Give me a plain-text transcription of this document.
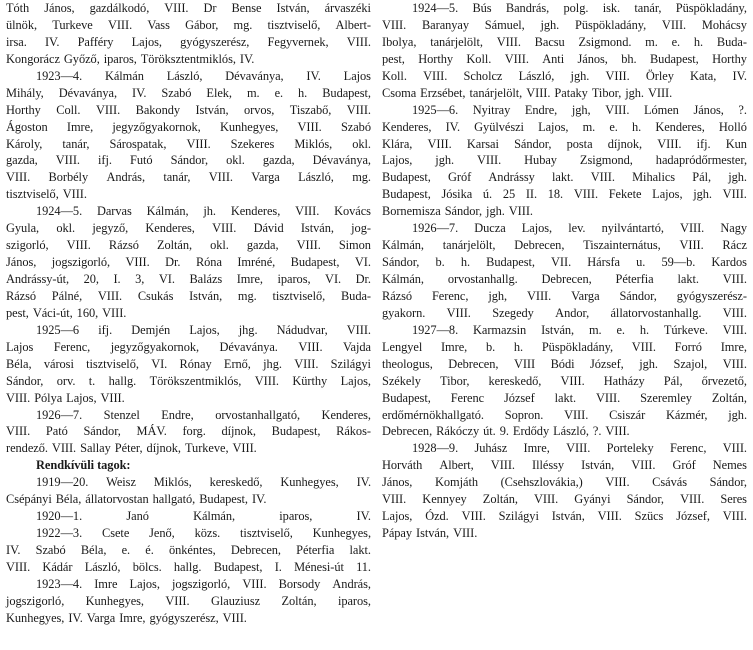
Tóth János, gazdálkodó, VIII. Dr Bense István, árvaszéki
ülnök, Turkeve VIII. Vass Gábor, mg. tisztviselő, Albert-
irsa. IV. Pafféry Lajos, gyógyszerész, Fegyvernek, VIII.
Kongorácz Győző, iparos, Töröksztentmiklós, IV.
1923—4. Kálmán László, Dévaványa, IV. Lajos
Mihály, Dévaványa, IV. Szabó Elek, m. e. h. Budapest,
Horthy Coll. VIII. Bakondy István, orvos, Tiszabő, VIII.
Ágoston Imre, jegyzőgyakornok, Kunhegyes, VIII. Szabó
Károly, tanár, Sárospatak, VIII. Szekeres Miklós, okl.
gazda, VIII. ifj. Futó Sándor, okl. gazda, Dévaványa,
VIII. Borbély András, tanár, VIII. Varga László, mg.
tisztviselő, VIII.
1924—5. Darvas Kálmán, jh. Kenderes, VIII. Kovács
Gyula, okl. jegyző, Kenderes, VIII. Dávid István, jog-
szigorló, VIII. Rázsó Zoltán, okl. gazda, VIII. Simon
János, jogszigorló, VIII. Dr. Róna Imréné, Budapest, VI.
Andrássy-út, 20, I. 3, VI. Balázs Imre, iparos, VI. Dr.
Rázsó Pálné, VIII. Csukás István, mg. tisztviselő, Buda-
pest, Váci-út, 160, VIII.
1925—6 ifj. Demjén Lajos, jhg. Nádudvar, VIII.
Lajos Ferenc, jegyzőgyakornok, Dévaványa. VIII. Vajda
Béla, városi tisztviselő, VI. Rónay Ernő, jhg. VIII. Szilágyi
Sándor, orv. t. hallg. Törökszentmiklós, VIII. Kürthy Lajos,
VIII. Pólya Lajos, VIII.
1926—7. Stenzel Endre, orvostanhallgató, Kenderes,
VIII. Pató Sándor, MÁV. forg. díjnok, Budapest, Rákos-
rendező. VIII. Sallay Péter, díjnok, Turkeve, VIII.
Rendkívüli tagok:
1919—20. Weisz Miklós, kereskedő, Kunhegyes, IV.
Csépányi Béla, állatorvostan hallgató, Budapest, IV.
1920—1.	Janó	Kálmán,	iparos,	IV.
1922—3. Csete Jenő, közs. tisztviselő, Kunhegyes,
IV. Szabó Béla, e. é. önkéntes, Debrecen, Péterfia lakt.
VIII. Kádár László, bölcs. hallg. Budapest, I. Ménesi-út 11.
1923—4. Imre Lajos, jogszigorló, VIII. Borsody András,
jogszigorló, Kunhegyes, VIII. Glauziusz Zoltán, iparos,
Kunhegyes, IV. Varga Imre, gyógyszerész, VIII.
1924—5. Bús Bandrás, polg. isk. tanár, Püspökladány,
VIII. Baranyay Sámuel, jgh. Püspökladány, VIII. Mohácsy
Ibolya, tanárjelölt, VIII. Bacsu Zsigmond. m. e. h. Buda-
pest, Horthy Koll. VIII. Anti János, bh. Budapest, Horthy
Koll. VIII. Scholcz László, jgh. VIII. Örley Kata, IV.
Csoma Erzsébet, tanárjelölt, VIII. Pataky Tibor, jgh. VIII.
1925—6. Nyitray Endre, jgh, VIII. Lómen János, ?.
Kenderes, IV. Gyülvészi Lajos, m. e. h. Kenderes, Holló
Klára, VIII. Karsai Sándor, posta díjnok, VIII. ifj. Kun
Lajos, jgh. VIII. Hubay Zsigmond, hadapródőrmester,
Budapest, Gróf Andrássy lakt. VIII. Mihalics Pál, jgh.
Budapest, Jósika ú. 25 II. 18. VIII. Fekete Lajos, jgh. VIII.
Bornemisza Sándor, jgh. VIII.
1926—7. Ducza Lajos, lev. nyilvántartó, VIII. Nagy
Kálmán, tanárjelölt, Debrecen, Tiszainternátus, VIII. Rácz
Sándor, b. h. Budapest, VII. Hársfa u. 59—b. Kardos
Kálmán, orvostanhallg. Debrecen, Péterfia lakt. VIII.
Rázsó Ferenc, jgh, VIII. Varga Sándor, gyógyszerész-
gyakorn. VIII. Szegedy Andor, állatorvostanhallg. VIII.
1927—8. Karmazsin István, m. e. h. Túrkeve. VIII.
Lengyel Imre, b. h. Püspökladány, VIII. Forró Imre,
theologus, Debrecen, VIII Bódi József, jgh. Szajol, VIII.
Székely Tibor, kereskedő, VIII. Hatházy Pál, őrvezető,
Budapest, Ferenc József lakt. VIII. Szeremley Zoltán,
erdőmérnökhallgató. Sopron. VIII. Csiszár Kázmér, jgh.
Debrecen, Rákóczy út. 9. Erdődy László, ?. VIII.
1928—9. Juhász Imre, VIII. Porteleky Ferenc, VIII.
Horváth Albert, VIII. Illéssy István, VIII. Gróf Nemes
János, Komjáth (Csehszlovákia,) VIII. Csávás Sándor,
VIII. Kennyey Zoltán, VIII. Gyányi Sándor, VIII. Seres
Lajos, Ózd. VIII. Szilágyi István, VIII. Szücs József, VIII.
Pápay István, VIII.
